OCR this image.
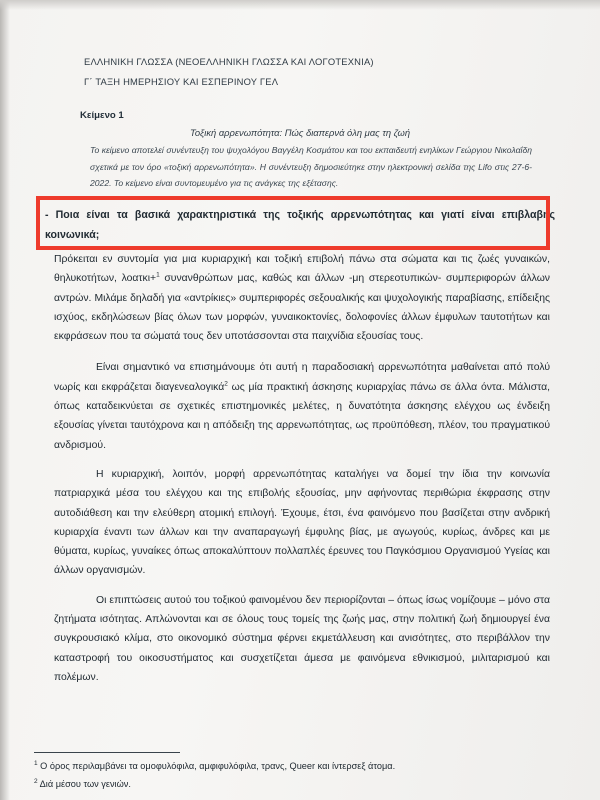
ΕΛΛΗΝΙΚΗ ΓΛΩΣΣΑ (ΝΕΟΕΛΛΗΝΙΚΗ ΓΛΩΣΣΑ ΚΑΙ ΛΟΓΟΤΕΧΝΙΑ)
Γ΄ ΤΑΞΗ ΗΜΕΡΗΣΙΟΥ ΚΑΙ ΕΣΠΕΡΙΝΟΥ ΓΕΛ
Κείμενο 1
Τοξική αρρενωπότητα: Πώς διαπερνά όλη μας τη ζωή
Το κείμενο αποτελεί συνέντευξη του ψυχολόγου Βαγγέλη Κοσμάτου και του εκπαιδευτή ενηλίκων Γεώργιου Νικολαΐδη σχετικά με τον όρο «τοξική αρρενωπότητα». Η συνέντευξη δημοσιεύτηκε στην ηλεκτρονική σελίδα της Lifo στις 27-6-2022. Το κείμενο είναι συντομευμένο για τις ανάγκες της εξέτασης.
- Ποια είναι τα βασικά χαρακτηριστικά της τοξικής αρρενωπότητας και γιατί είναι επιβλαβής κοινωνικά;

Πρόκειται εν συντομία για μια κυριαρχική και τοξική επιβολή πάνω στα σώματα και τις ζωές γυναικών, θηλυκοτήτων, λοατκι+$^1$ συνανθρώπων μας, καθώς και άλλων -μη στερεοτυπικών- συμπεριφορών άλλων αντρών. Μιλάμε δηλαδή για «αντρίκιες» συμπεριφορές σεξουαλικής και ψυχολογικής παραβίασης, επίδειξης ισχύος, εκδηλώσεων βίας όλων των μορφών, γυναικοκτονίες, δολοφονίες άλλων έμφυλων ταυτοτήτων και εκφράσεων που τα σώματά τους δεν υποτάσσονται στα παιχνίδια εξουσίας τους.

Είναι σημαντικό να επισημάνουμε ότι αυτή η παραδοσιακή αρρενωπότητα μαθαίνεται από πολύ νωρίς και εκφράζεται διαγενεαλογικά$^2$ ως μία πρακτική άσκησης κυριαρχίας πάνω σε άλλα όντα. Μάλιστα, όπως καταδεικνύεται σε σχετικές επιστημονικές μελέτες, η δυνατότητα άσκησης ελέγχου ως ένδειξη εξουσίας γίνεται ταυτόχρονα και η απόδειξη της αρρενωπότητας, ως προϋπόθεση, πλέον, του πραγματικού ανδρισμού.

Η κυριαρχική, λοιπόν, μορφή αρρενωπότητας καταλήγει να δομεί την ίδια την κοινωνία πατριαρχικά μέσα του ελέγχου και της επιβολής εξουσίας, μην αφήνοντας περιθώρια έκφρασης στην αυτοδιάθεση και την ελεύθερη ατομική επιλογή. Έχουμε, έτσι, ένα φαινόμενο που βασίζεται στην ανδρική κυριαρχία έναντι των άλλων και την αναπαραγωγή έμφυλης βίας, με αγωγούς, κυρίως, άνδρες και με θύματα, κυρίως, γυναίκες όπως αποκαλύπτουν πολλαπλές έρευνες του Παγκόσμιου Οργανισμού Υγείας και άλλων οργανισμών.

Οι επιπτώσεις αυτού του τοξικού φαινομένου δεν περιορίζονται – όπως ίσως νομίζουμε – μόνο στα ζητήματα ισότητας. Απλώνονται και σε όλους τους τομείς της ζωής μας, στην πολιτική ζωή δημιουργεί ένα συγκρουσιακό κλίμα, στο οικονομικό σύστημα φέρνει εκμετάλλευση και ανισότητες, στο περιβάλλον την καταστροφή του οικοσυστήματος και συσχετίζεται άμεσα με φαινόμενα εθνικισμού, μιλιταρισμού και πολέμων.

$^1$ Ο όρος περιλαμβάνει τα ομοφυλόφιλα, αμφιφυλόφιλα, τρανς, Queer και ίντερσεξ άτομα.
$^2$ Διά μέσου των γενιών.
